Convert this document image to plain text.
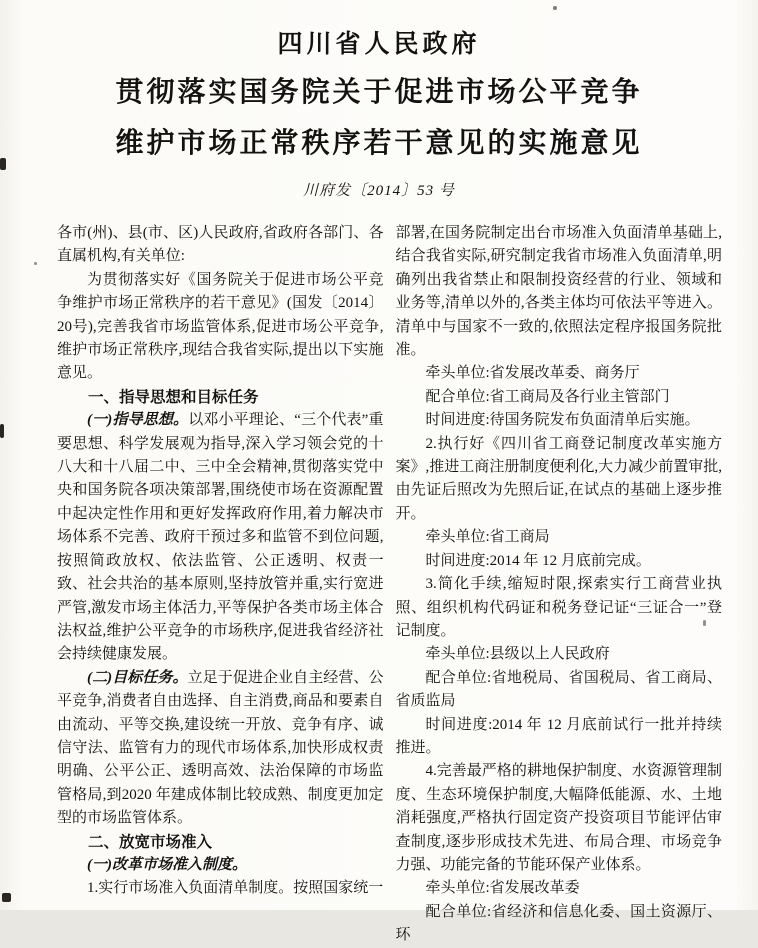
四川省人民政府
贯彻落实国务院关于促进市场公平竞争
维护市场正常秩序若干意见的实施意见
川府发〔2014〕53 号

各市(州)、县(市、区)人民政府,省政府各部门、各直属机构,有关单位:

为贯彻落实好《国务院关于促进市场公平竞争维护市场正常秩序的若干意见》(国发〔2014〕20号),完善我省市场监管体系,促进市场公平竞争,维护市场正常秩序,现结合我省实际,提出以下实施意见。

一、指导思想和目标任务

(一)指导思想。以邓小平理论、“三个代表”重要思想、科学发展观为指导,深入学习领会党的十八大和十八届二中、三中全会精神,贯彻落实党中央和国务院各项决策部署,围绕使市场在资源配置中起决定性作用和更好发挥政府作用,着力解决市场体系不完善、政府干预过多和监管不到位问题,按照简政放权、依法监管、公正透明、权责一致、社会共治的基本原则,坚持放管并重,实行宽进严管,激发市场主体活力,平等保护各类市场主体合法权益,维护公平竞争的市场秩序,促进我省经济社会持续健康发展。

(二)目标任务。立足于促进企业自主经营、公平竞争,消费者自由选择、自主消费,商品和要素自由流动、平等交换,建设统一开放、竞争有序、诚信守法、监管有力的现代市场体系,加快形成权责明确、公平公正、透明高效、法治保障的市场监管格局,到2020 年建成体制比较成熟、制度更加定型的市场监管体系。

二、放宽市场准入

(一)改革市场准入制度。

1.实行市场准入负面清单制度。按照国家统一

部署,在国务院制定出台市场准入负面清单基础上,结合我省实际,研究制定我省市场准入负面清单,明确列出我省禁止和限制投资经营的行业、领域和业务等,清单以外的,各类主体均可依法平等进入。清单中与国家不一致的,依照法定程序报国务院批准。

牵头单位:省发展改革委、商务厅

配合单位:省工商局及各行业主管部门

时间进度:待国务院发布负面清单后实施。

2.执行好《四川省工商登记制度改革实施方案》,推进工商注册制度便利化,大力减少前置审批,由先证后照改为先照后证,在试点的基础上逐步推开。

牵头单位:省工商局

时间进度:2014 年 12 月底前完成。

3.简化手续,缩短时限,探索实行工商营业执照、组织机构代码证和税务登记证“三证合一”登记制度。

牵头单位:县级以上人民政府

配合单位:省地税局、省国税局、省工商局、省质监局

时间进度:2014 年 12 月底前试行一批并持续推进。

4.完善最严格的耕地保护制度、水资源管理制度、生态环境保护制度,大幅降低能源、水、土地消耗强度,严格执行固定资产投资项目节能评估审查制度,逐步形成技术先进、布局合理、市场竞争力强、功能完备的节能环保产业体系。

牵头单位:省发展改革委

配合单位:省经济和信息化委、国土资源厅、环
